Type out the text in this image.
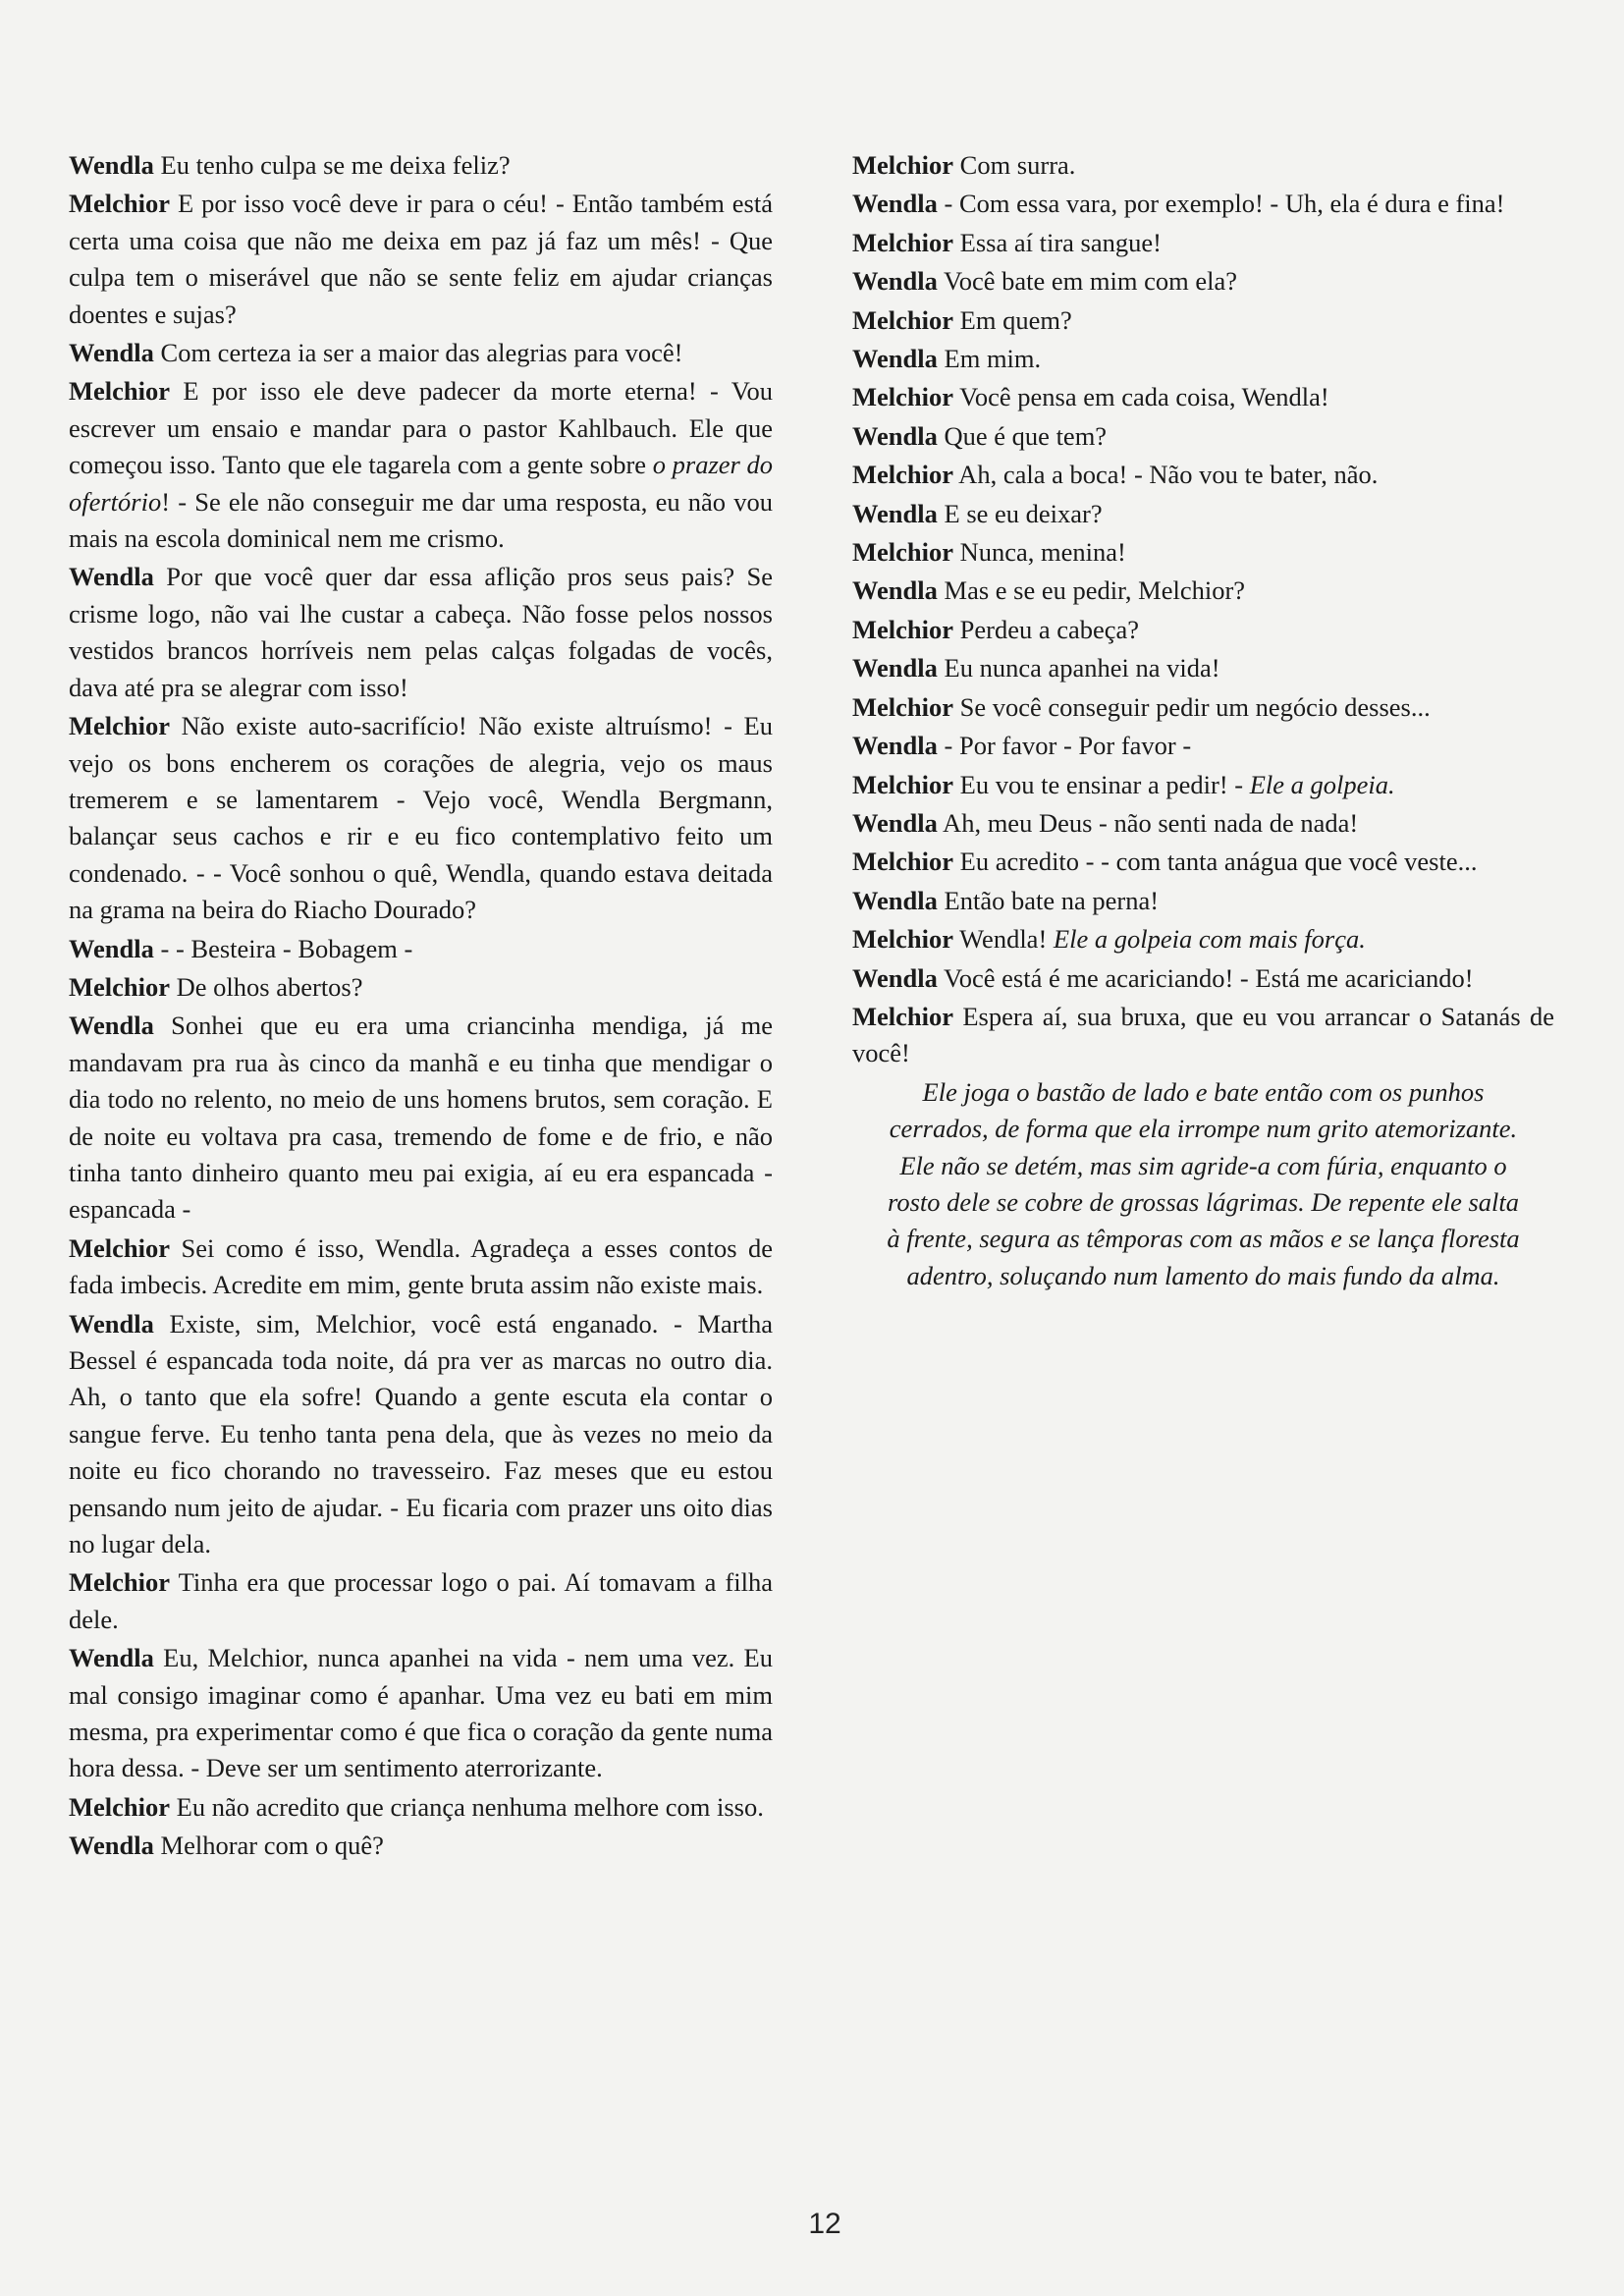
Wendla Eu tenho culpa se me deixa feliz?

Melchior E por isso você deve ir para o céu! - Então também está certa uma coisa que não me deixa em paz já faz um mês! - Que culpa tem o miserável que não se sente feliz em ajudar crianças doentes e sujas?

Wendla Com certeza ia ser a maior das alegrias para você!

Melchior E por isso ele deve padecer da morte eterna! - Vou escrever um ensaio e mandar para o pastor Kahlbauch. Ele que começou isso. Tanto que ele tagarela com a gente sobre o prazer do ofertório! - Se ele não conseguir me dar uma resposta, eu não vou mais na escola dominical nem me crismo.

Wendla Por que você quer dar essa aflição pros seus pais? Se crisme logo, não vai lhe custar a cabeça. Não fosse pelos nossos vestidos brancos horríveis nem pelas calças folgadas de vocês, dava até pra se alegrar com isso!

Melchior Não existe auto-sacrifício! Não existe altruísmo! - Eu vejo os bons encherem os corações de alegria, vejo os maus tremerem e se lamentarem - Vejo você, Wendla Bergmann, balançar seus cachos e rir e eu fico contemplativo feito um condenado. - - Você sonhou o quê, Wendla, quando estava deitada na grama na beira do Riacho Dourado?

Wendla - - Besteira - Bobagem -

Melchior De olhos abertos?

Wendla Sonhei que eu era uma criancinha mendiga, já me mandavam pra rua às cinco da manhã e eu tinha que mendigar o dia todo no relento, no meio de uns homens brutos, sem coração. E de noite eu voltava pra casa, tremendo de fome e de frio, e não tinha tanto dinheiro quanto meu pai exigia, aí eu era espancada - espancada -

Melchior Sei como é isso, Wendla. Agradeça a esses contos de fada imbecis. Acredite em mim, gente bruta assim não existe mais.

Wendla Existe, sim, Melchior, você está enganado. - Martha Bessel é espancada toda noite, dá pra ver as marcas no outro dia. Ah, o tanto que ela sofre! Quando a gente escuta ela contar o sangue ferve. Eu tenho tanta pena dela, que às vezes no meio da noite eu fico chorando no travesseiro. Faz meses que eu estou pensando num jeito de ajudar. - Eu ficaria com prazer uns oito dias no lugar dela.

Melchior Tinha era que processar logo o pai. Aí tomavam a filha dele.

Wendla Eu, Melchior, nunca apanhei na vida - nem uma vez. Eu mal consigo imaginar como é apanhar. Uma vez eu bati em mim mesma, pra experimentar como é que fica o coração da gente numa hora dessa. - Deve ser um sentimento aterrorizante.

Melchior Eu não acredito que criança nenhuma melhore com isso.

Wendla Melhorar com o quê?

Melchior Com surra.

Wendla - Com essa vara, por exemplo! - Uh, ela é dura e fina!

Melchior Essa aí tira sangue!

Wendla Você bate em mim com ela?

Melchior Em quem?

Wendla Em mim.

Melchior Você pensa em cada coisa, Wendla!

Wendla Que é que tem?

Melchior Ah, cala a boca! - Não vou te bater, não.

Wendla E se eu deixar?

Melchior Nunca, menina!

Wendla Mas e se eu pedir, Melchior?

Melchior Perdeu a cabeça?

Wendla Eu nunca apanhei na vida!

Melchior Se você conseguir pedir um negócio desses...

Wendla - Por favor - Por favor -

Melchior Eu vou te ensinar a pedir! - Ele a golpeia.

Wendla Ah, meu Deus - não senti nada de nada!

Melchior Eu acredito - - com tanta anágua que você veste...

Wendla Então bate na perna!

Melchior Wendla! Ele a golpeia com mais força.

Wendla Você está é me acariciando! - Está me acariciando!

Melchior Espera aí, sua bruxa, que eu vou arrancar o Satanás de você!

Ele joga o bastão de lado e bate então com os punhos cerrados, de forma que ela irrompe num grito atemorizante. Ele não se detém, mas sim agride-a com fúria, enquanto o rosto dele se cobre de grossas lágrimas. De repente ele salta à frente, segura as têmporas com as mãos e se lança floresta adentro, soluçando num lamento do mais fundo da alma.

12
